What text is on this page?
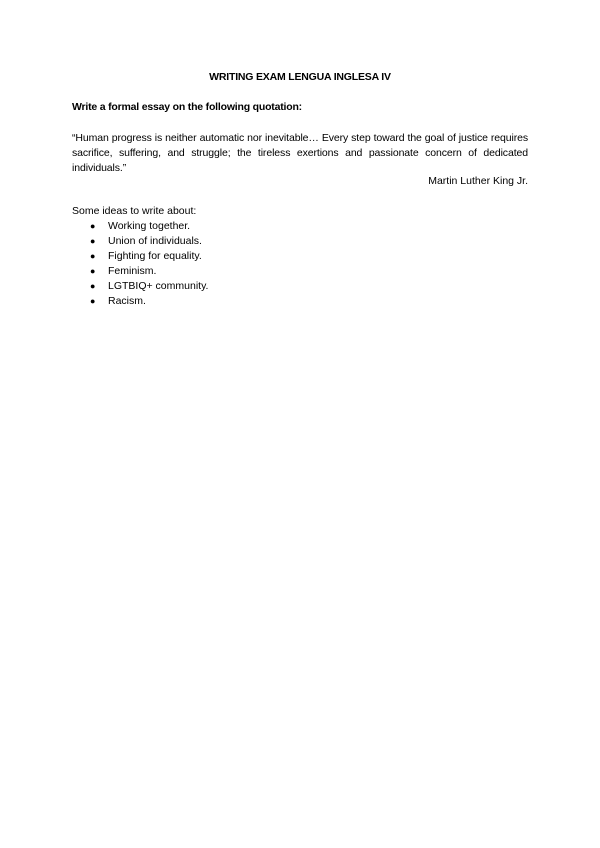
WRITING EXAM LENGUA INGLESA IV
Write a formal essay on the following quotation:

“Human progress is neither automatic nor inevitable… Every step toward the goal of justice requires sacrifice, suffering, and struggle; the tireless exertions and passionate concern of dedicated individuals.”

Martin Luther King Jr.
Some ideas to write about:
● Working together.
● Union of individuals.
● Fighting for equality.
● Feminism.
● LGTBIQ+ community.
● Racism.
